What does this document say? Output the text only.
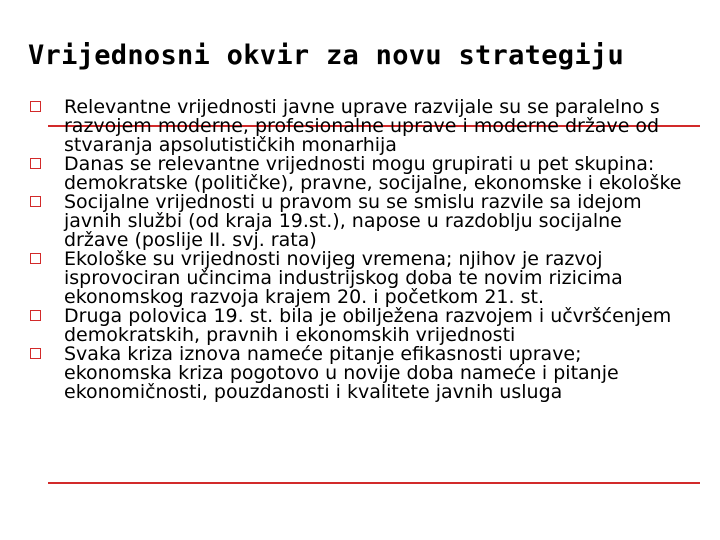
Vrijednosni okvir za novu strategiju
Relevantne vrijednosti javne uprave razvijale su se paralelno s razvojem moderne, profesionalne uprave i moderne države od stvaranja apsolutističkih monarhija
Danas se relevantne vrijednosti mogu grupirati u pet skupina: demokratske (političke), pravne, socijalne, ekonomske i ekološke
Socijalne vrijednosti u pravom su se smislu razvile sa idejom javnih službi (od kraja 19.st.), napose u razdoblju socijalne države (poslije II. svj. rata)
Ekološke su vrijednosti novijeg vremena; njihov je razvoj isprovociran učincima industrijskog doba te novim rizicima ekonomskog razvoja krajem 20. i početkom 21. st.
Druga polovica 19. st. bila je obilježena razvojem i učvršćenjem demokratskih, pravnih i ekonomskih vrijednosti
Svaka kriza iznova nameće pitanje efikasnosti uprave; ekonomska kriza pogotovo u novije doba nameće i pitanje ekonomičnosti, pouzdanosti i kvalitete javnih usluga
